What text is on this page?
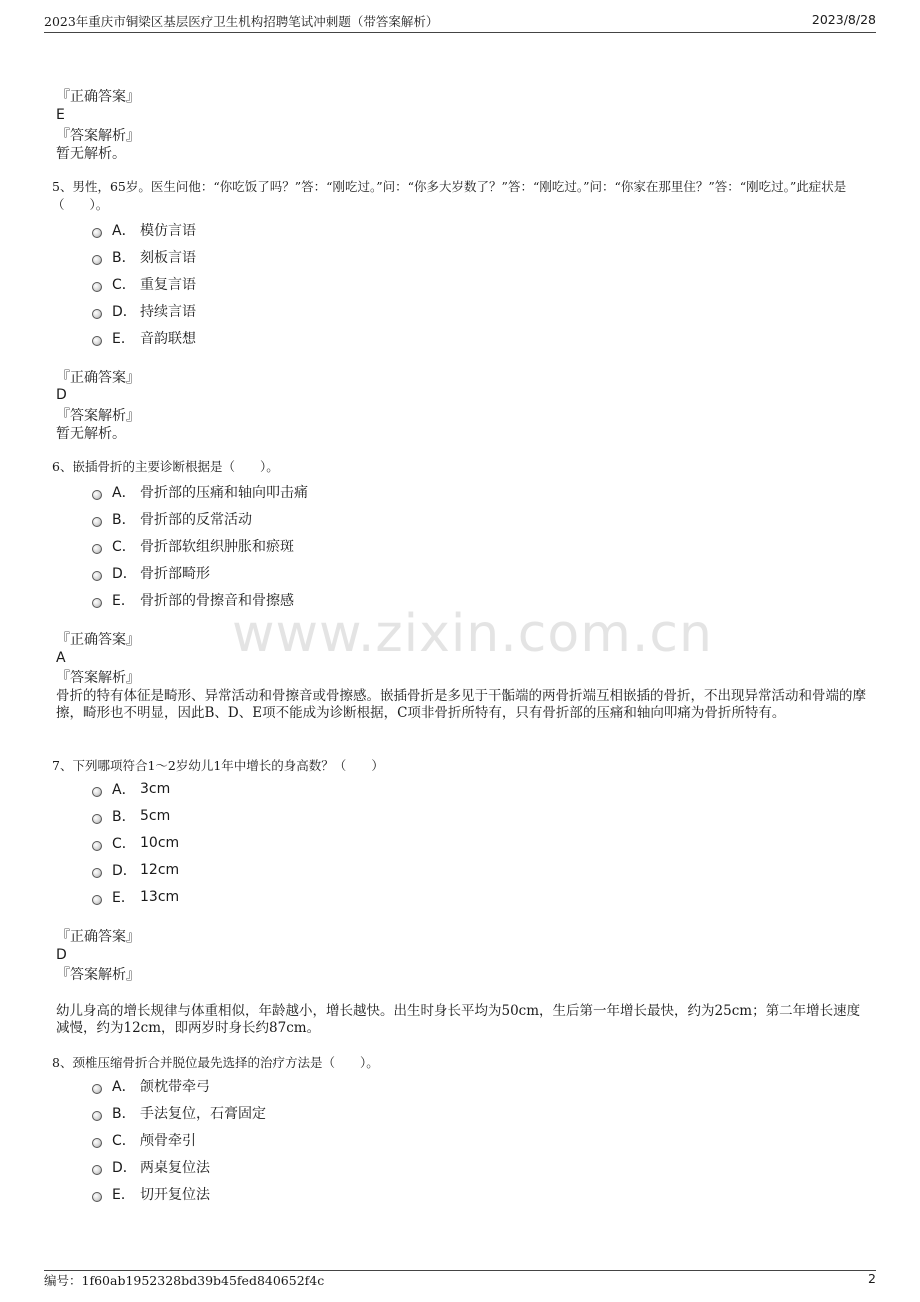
2023年重庆市铜梁区基层医疗卫生机构招聘笔试冲刺题（带答案解析）	2023/8/28
www.zixin.com.cn
『正确答案』
E
『答案解析』
暂无解析。
5、男性，65岁。医生问他：“你吃饭了吗？”答：“刚吃过。”问：“你多大岁数了？”答：“刚吃过。”问：“你家在那里住？”答：“刚吃过。”此症状是（　　）。
A． 模仿言语
B． 刻板言语
C． 重复言语
D． 持续言语
E． 音韵联想
『正确答案』
D
『答案解析』
暂无解析。
6、嵌插骨折的主要诊断根据是（　　）。
A． 骨折部的压痛和轴向叩击痛
B． 骨折部的反常活动
C． 骨折部软组织肿胀和瘀斑
D． 骨折部畸形
E． 骨折部的骨擦音和骨擦感
『正确答案』
A
『答案解析』
骨折的特有体征是畸形、异常活动和骨擦音或骨擦感。嵌插骨折是多见于干骺端的两骨折端互相嵌插的骨折，不出现异常活动和骨端的摩擦，畸形也不明显，因此B、D、E项不能成为诊断根据，C项非骨折所特有，只有骨折部的压痛和轴向叩痛为骨折所特有。
7、下列哪项符合1～2岁幼儿1年中增长的身高数？（　　）
A． 3cm
B． 5cm
C． 10cm
D． 12cm
E． 13cm
『正确答案』
D
『答案解析』
幼儿身高的增长规律与体重相似，年龄越小，增长越快。出生时身长平均为50cm，生后第一年增长最快，约为25cm；第二年增长速度减慢，约为12cm，即两岁时身长约87cm。
8、颈椎压缩骨折合并脱位最先选择的治疗方法是（　　）。
A． 颌枕带牵弓
B． 手法复位，石膏固定
C． 颅骨牵引
D． 两桌复位法
E． 切开复位法
编号：1f60ab1952328bd39b45fed840652f4c	2
